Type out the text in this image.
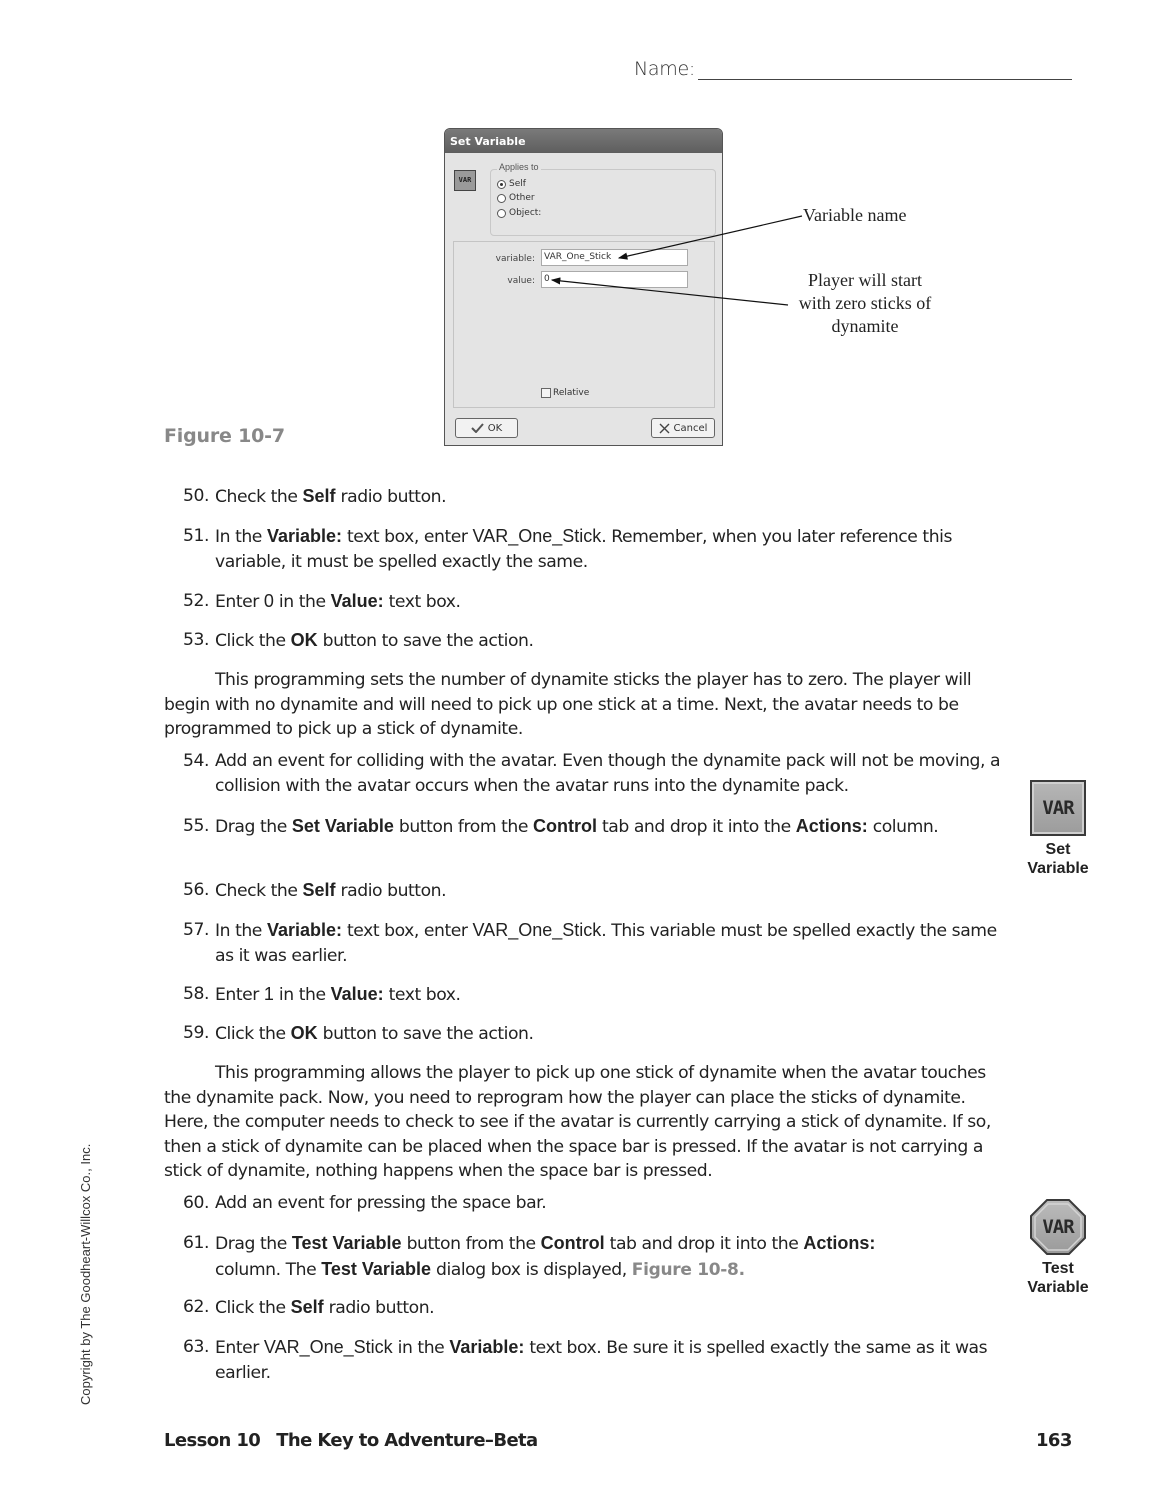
Name:
Set Variable
VAR
Applies to
Self
Other
Object:
variable:	VAR_One_Stick
value:	0
Relative
OK	Cancel
Variable name
Player will start
with zero sticks of
dynamite
Figure 10-7
50. Check the Self radio button.
51. In the Variable: text box, enter VAR_One_Stick. Remember, when you later reference this variable, it must be spelled exactly the same.
52. Enter 0 in the Value: text box.
53. Click the OK button to save the action.
This programming sets the number of dynamite sticks the player has to zero. The player will begin with no dynamite and will need to pick up one stick at a time. Next, the avatar needs to be programmed to pick up a stick of dynamite.
54. Add an event for colliding with the avatar. Even though the dynamite pack will not be moving, a collision with the avatar occurs when the avatar runs into the dynamite pack.
55. Drag the Set Variable button from the Control tab and drop it into the Actions: column.
56. Check the Self radio button.
57. In the Variable: text box, enter VAR_One_Stick. This variable must be spelled exactly the same as it was earlier.
58. Enter 1 in the Value: text box.
59. Click the OK button to save the action.
This programming allows the player to pick up one stick of dynamite when the avatar touches the dynamite pack. Now, you need to reprogram how the player can place the sticks of dynamite. Here, the computer needs to check to see if the avatar is currently carrying a stick of dynamite. If so, then a stick of dynamite can be placed when the space bar is pressed. If the avatar is not carrying a stick of dynamite, nothing happens when the space bar is pressed.
60. Add an event for pressing the space bar.
61. Drag the Test Variable button from the Control tab and drop it into the Actions: column. The Test Variable dialog box is displayed, Figure 10-8.
62. Click the Self radio button.
63. Enter VAR_One_Stick in the Variable: text box. Be sure it is spelled exactly the same as it was earlier.
VAR
Set
Variable
VAR
Test
Variable
Copyright by The Goodheart-Willcox Co., Inc.
Lesson 10 The Key to Adventure–Beta	163
